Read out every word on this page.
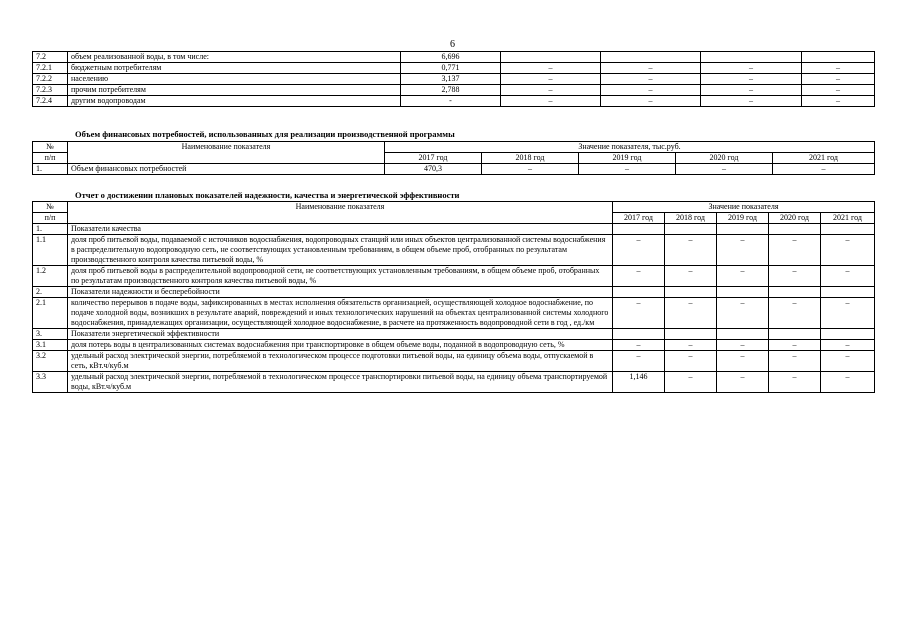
6
7.2	объем реализованной воды, в том числе:	6,696				
7.2.1	бюджетным потребителям	0,771	–	–	–	–
7.2.2	населению	3,137	–	–	–	–
7.2.3	прочим потребителям	2,788	–	–	–	–
7.2.4	другим водопроводам	-	–	–	–	–
Объем финансовых потребностей, использованных для реализации производственной программы
№	Наименование показателя	Значение показателя, тыс.руб.				
п/п		2017 год	2018 год	2019 год	2020 год	2021 год
1.	Объем финансовых потребностей	470,3	–	–	–	–
Отчет о достижении плановых показателей надежности, качества и энергетической эффективности
№	Наименование показателя	Значение показателя				
п/п		2017 год	2018 год	2019 год	2020 год	2021 год
1.	Показатели качества					
1.1	доля проб питьевой воды, подаваемой с источников водоснабжения, водопроводных станций или иных объектов централизованной системы водоснабжения в распределительную водопроводную сеть, не соответствующих установленным требованиям, в общем объеме проб, отобранных по результатам производственного контроля качества питьевой воды, %	–	–	–	–	–
1.2	доля проб питьевой воды в распределительной водопроводной сети, не соответствующих установленным требованиям, в общем объеме проб, отобранных по результатам производственного контроля качества питьевой воды, %	–	–	–	–	–
2.	Показатели надежности и бесперебойности					
2.1	количество перерывов в подаче воды, зафиксированных в местах исполнения обязательств организацией, осуществляющей холодное водоснабжение, по подаче холодной воды, возникших в результате аварий, повреждений и иных технологических нарушений на объектах централизованной системы холодного водоснабжения, принадлежащих организации, осуществляющей холодное водоснабжение, в расчете на протяженность водопроводной сети в год , ед./км	–	–	–	–	–
3.	Показатели энергетической эффективности					
3.1	доля потерь воды в централизованных системах водоснабжения при транспортировке в общем объеме воды, поданной в водопроводную сеть, %	–	–	–	–	–
3.2	удельный расход электрической энергии, потребляемой в технологическом процессе подготовки питьевой воды, на единицу объема воды, отпускаемой в сеть, кВт.ч/куб.м	–	–	–	–	–
3.3	удельный расход электрической энергии, потребляемой в технологическом процессе транспортировки питьевой воды, на единицу объема транспортируемой воды, кВт.ч/куб.м	1,146	–	–	–	–
